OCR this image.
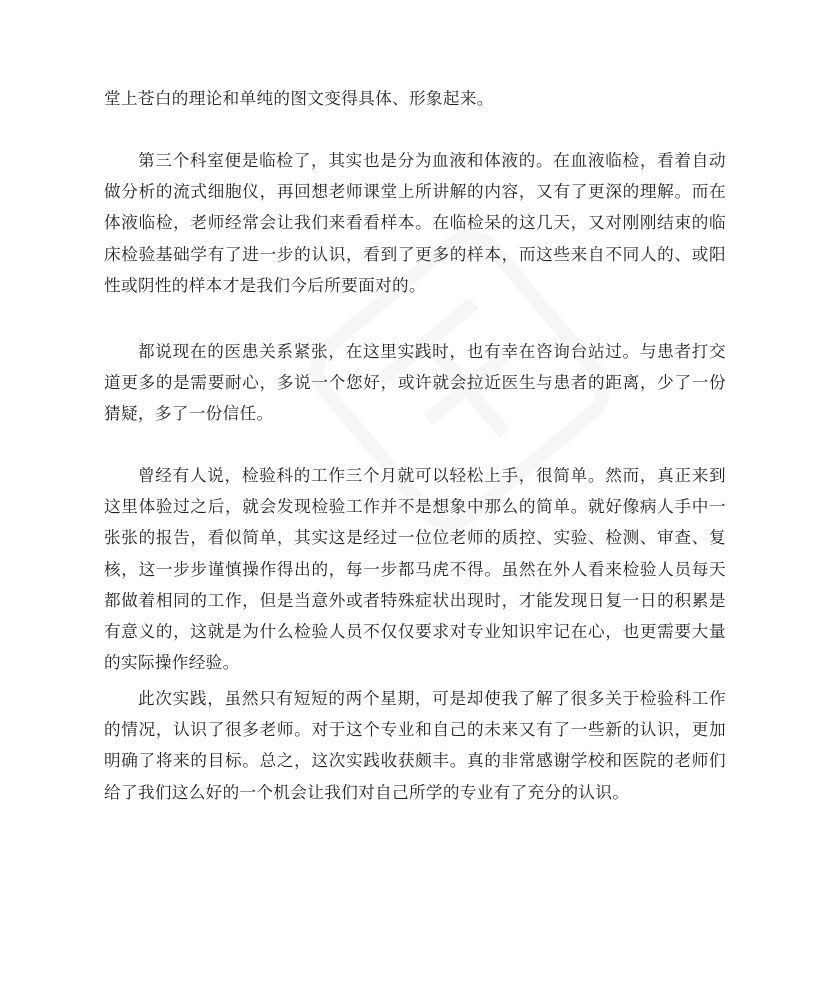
堂上苍白的理论和单纯的图文变得具体、形象起来。

第三个科室便是临检了，其实也是分为血液和体液的。在血液临检，看着自动做分析的流式细胞仪，再回想老师课堂上所讲解的内容，又有了更深的理解。而在体液临检，老师经常会让我们来看看样本。在临检呆的这几天，又对刚刚结束的临床检验基础学有了进一步的认识，看到了更多的样本，而这些来自不同人的、或阳性或阴性的样本才是我们今后所要面对的。

都说现在的医患关系紧张，在这里实践时，也有幸在咨询台站过。与患者打交道更多的是需要耐心，多说一个您好，或许就会拉近医生与患者的距离，少了一份猜疑，多了一份信任。

曾经有人说，检验科的工作三个月就可以轻松上手，很简单。然而，真正来到这里体验过之后，就会发现检验工作并不是想象中那么的简单。就好像病人手中一张张的报告，看似简单，其实这是经过一位位老师的质控、实验、检测、审查、复核，这一步步谨慎操作得出的，每一步都马虎不得。虽然在外人看来检验人员每天都做着相同的工作，但是当意外或者特殊症状出现时，才能发现日复一日的积累是有意义的，这就是为什么检验人员不仅仅要求对专业知识牢记在心，也更需要大量的实际操作经验。

此次实践，虽然只有短短的两个星期，可是却使我了解了很多关于检验科工作的情况，认识了很多老师。对于这个专业和自己的未来又有了一些新的认识，更加明确了将来的目标。总之，这次实践收获颇丰。真的非常感谢学校和医院的老师们给了我们这么好的一个机会让我们对自己所学的专业有了充分的认识。
